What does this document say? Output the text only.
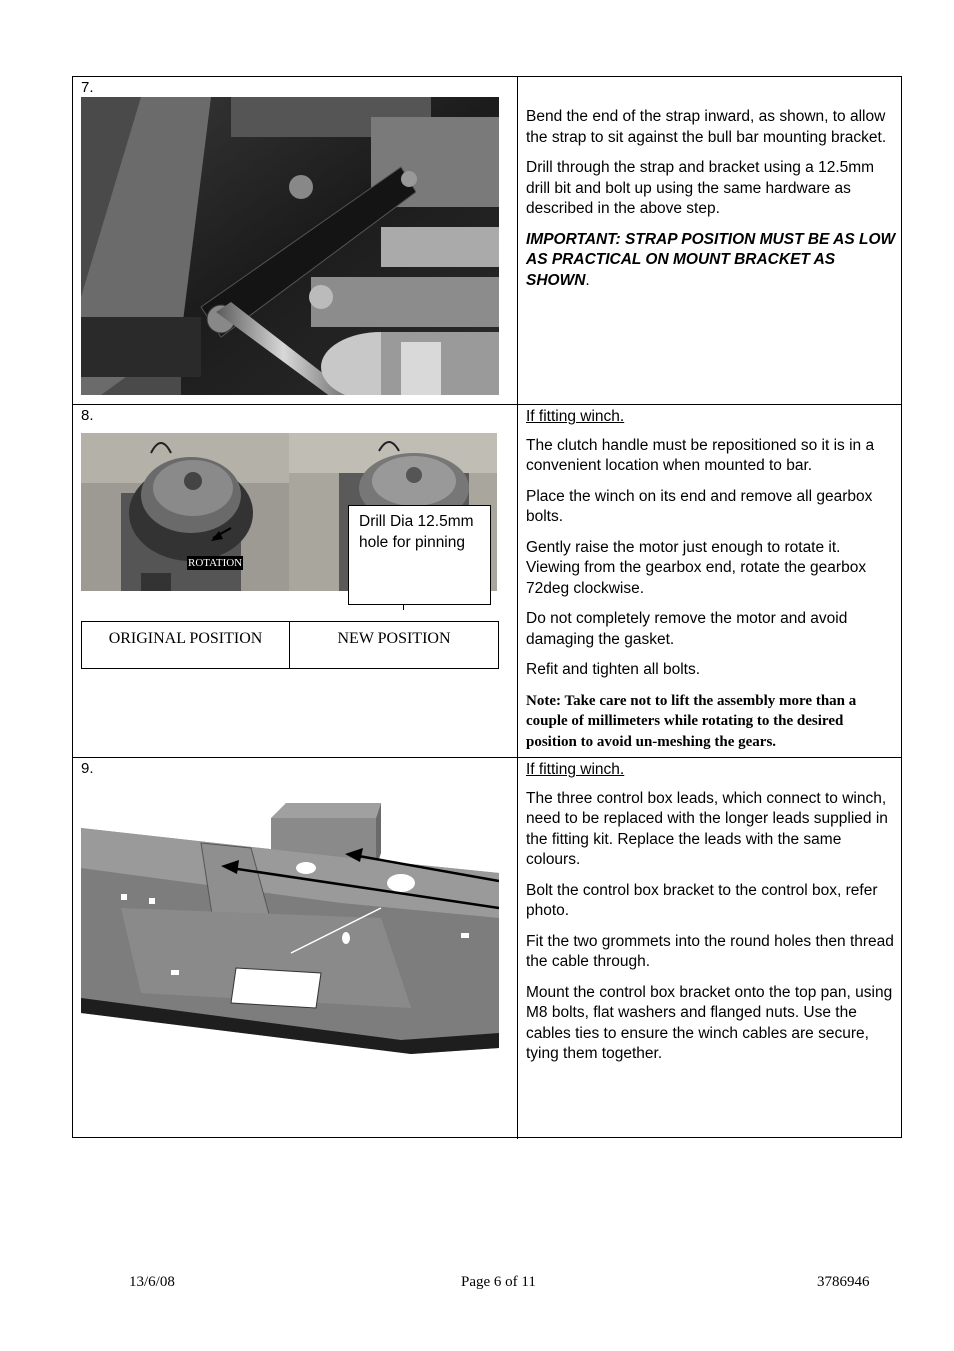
7.

Bend the end of the strap inward, as shown, to allow the strap to sit against the bull bar mounting bracket.

Drill through the strap and bracket using a 12.5mm drill bit and bolt up using the same hardware as described in the above step.

IMPORTANT: STRAP POSITION MUST BE AS LOW AS PRACTICAL ON MOUNT BRACKET AS SHOWN.

8.
ROTATION
Drill Dia 12.5mm hole for pinning
ORIGINAL POSITION	NEW POSITION

If fitting winch.

The clutch handle must be repositioned so it is in a convenient location when mounted to bar.

Place the winch on its end and remove all gearbox bolts.

Gently raise the motor just enough to rotate it. Viewing from the gearbox end, rotate the gearbox 72deg clockwise.

Do not completely remove the motor and avoid damaging the gasket.

Refit and tighten all bolts.

Note: Take care not to lift the assembly more than a couple of millimeters while rotating to the desired position to avoid un-meshing the gears.

9.	If fitting winch.

The three control box leads, which connect to winch, need to be replaced with the longer leads supplied in the fitting kit. Replace the leads with the same colours.

Bolt the control box bracket to the control box, refer photo.

Fit the two grommets into the round holes then thread the cable through.

Mount the control box bracket onto the top pan, using M8 bolts, flat washers and flanged nuts. Use the cables ties to ensure the winch cables are secure, tying them together.

13/6/08	Page 6 of 11	3786946
